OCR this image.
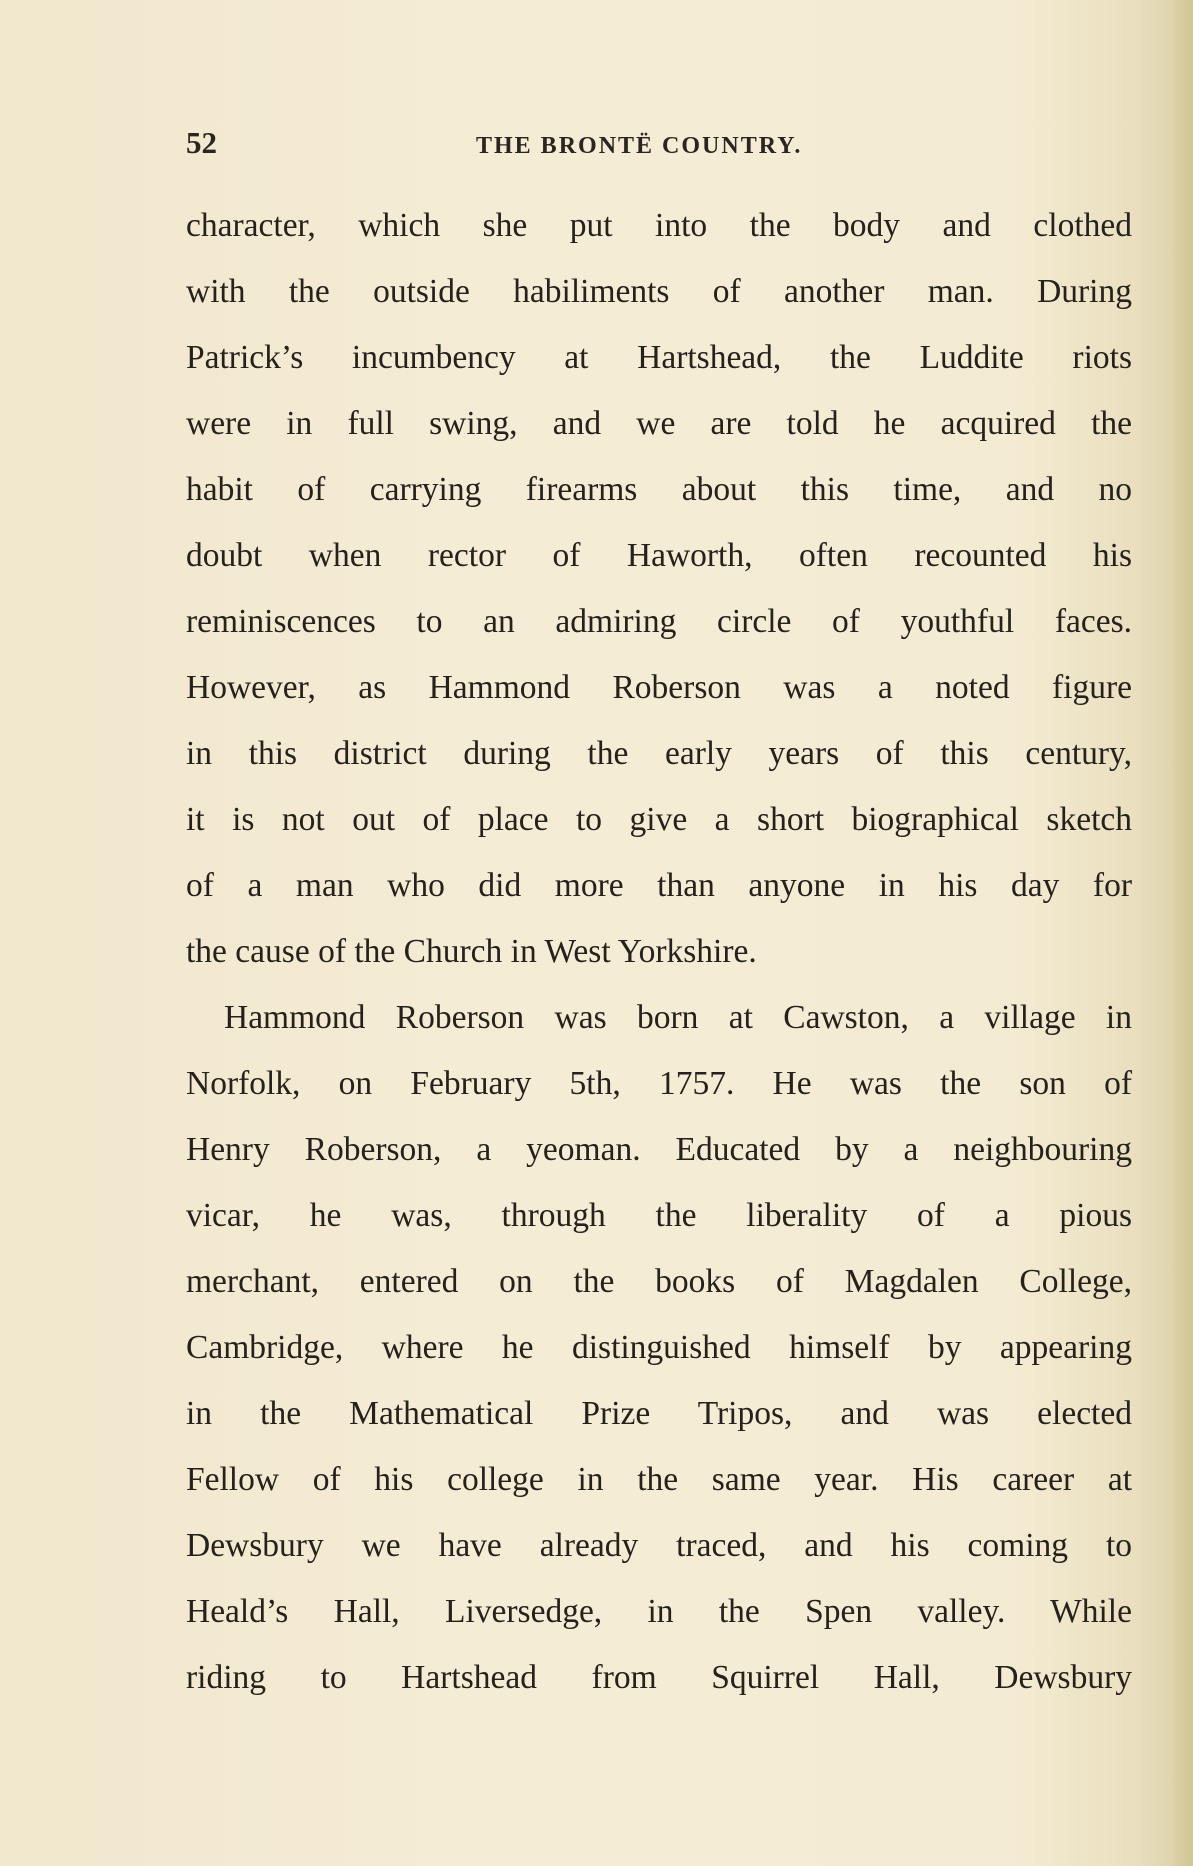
52	THE BRONTË COUNTRY.
character, which she put into the body and clothed
with the outside habiliments of another man. During
Patrick’s incumbency at Hartshead, the Luddite riots
were in full swing, and we are told he acquired the
habit of carrying firearms about this time, and no
doubt when rector of Haworth, often recounted his
reminiscences to an admiring circle of youthful faces.
However, as Hammond Roberson was a noted figure
in this district during the early years of this century,
it is not out of place to give a short biographical sketch
of a man who did more than anyone in his day for
the cause of the Church in West Yorkshire.
Hammond Roberson was born at Cawston, a village in
Norfolk, on February 5th, 1757. He was the son of
Henry Roberson, a yeoman. Educated by a neighbouring
vicar, he was, through the liberality of a pious
merchant, entered on the books of Magdalen College,
Cambridge, where he distinguished himself by appearing
in the Mathematical Prize Tripos, and was elected
Fellow of his college in the same year. His career at
Dewsbury we have already traced, and his coming to
Heald’s Hall, Liversedge, in the Spen valley. While
riding to Hartshead from Squirrel Hall, Dewsbury
